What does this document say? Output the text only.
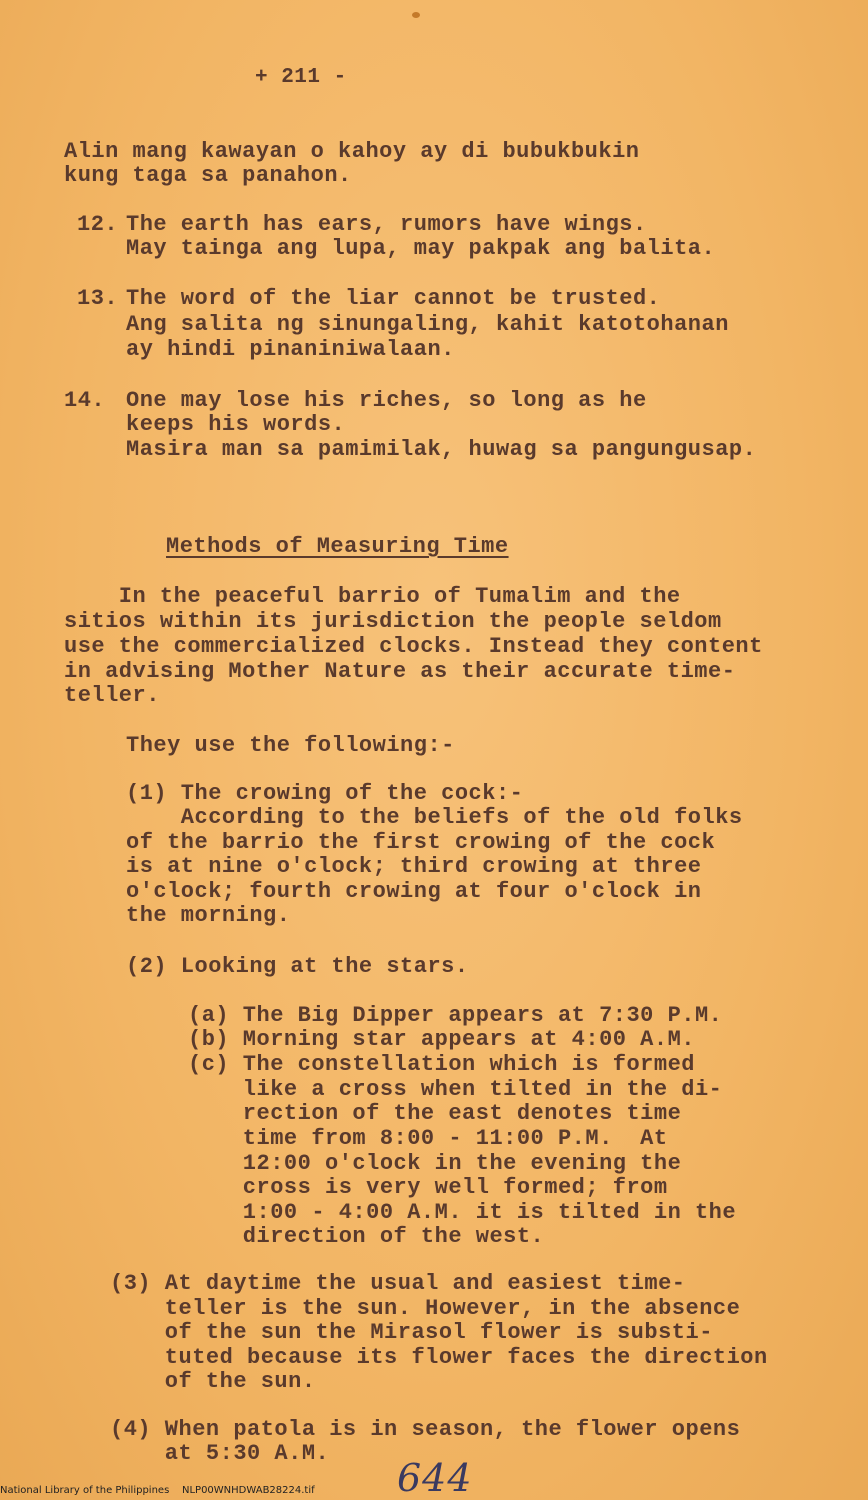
+ 211 -
Alin mang kawayan o kahoy ay di bubukbukin
kung taga sa panahon.
12. The earth has ears, rumors have wings.
May tainga ang lupa, may pakpak ang balita.
13. The word of the liar cannot be trusted.
Ang salita ng sinungaling, kahit katotohanan
ay hindi pinaniniwalaan.
14. One may lose his riches, so long as he
keeps his words.
Masira man sa pamimilak, huwag sa pangungusap.
Methods of Measuring Time
In the peaceful barrio of Tumalim and the
sitios within its jurisdiction the people seldom
use the commercialized clocks. Instead they content
in advising Mother Nature as their accurate time-
teller.
They use the following:-
(1) The crowing of the cock:-
According to the beliefs of the old folks
of the barrio the first crowing of the cock
is at nine o'clock; third crowing at three
o'clock; fourth crowing at four o'clock in
the morning.
(2) Looking at the stars.
(a) The Big Dipper appears at 7:30 P.M.
(b) Morning star appears at 4:00 A.M.
(c) The constellation which is formed
like a cross when tilted in the di-
rection of the east denotes time
time from 8:00 - 11:00 P.M.  At
12:00 o'clock in the evening the
cross is very well formed; from
1:00 - 4:00 A.M. it is tilted in the
direction of the west.
(3) At daytime the usual and easiest time-
teller is the sun. However, in the absence
of the sun the Mirasol flower is substi-
tuted because its flower faces the direction
of the sun.
(4) When patola is in season, the flower opens
at 5:30 A.M.
644
National Library of the Philippines    NLP00WNHDWAB28224.tif
